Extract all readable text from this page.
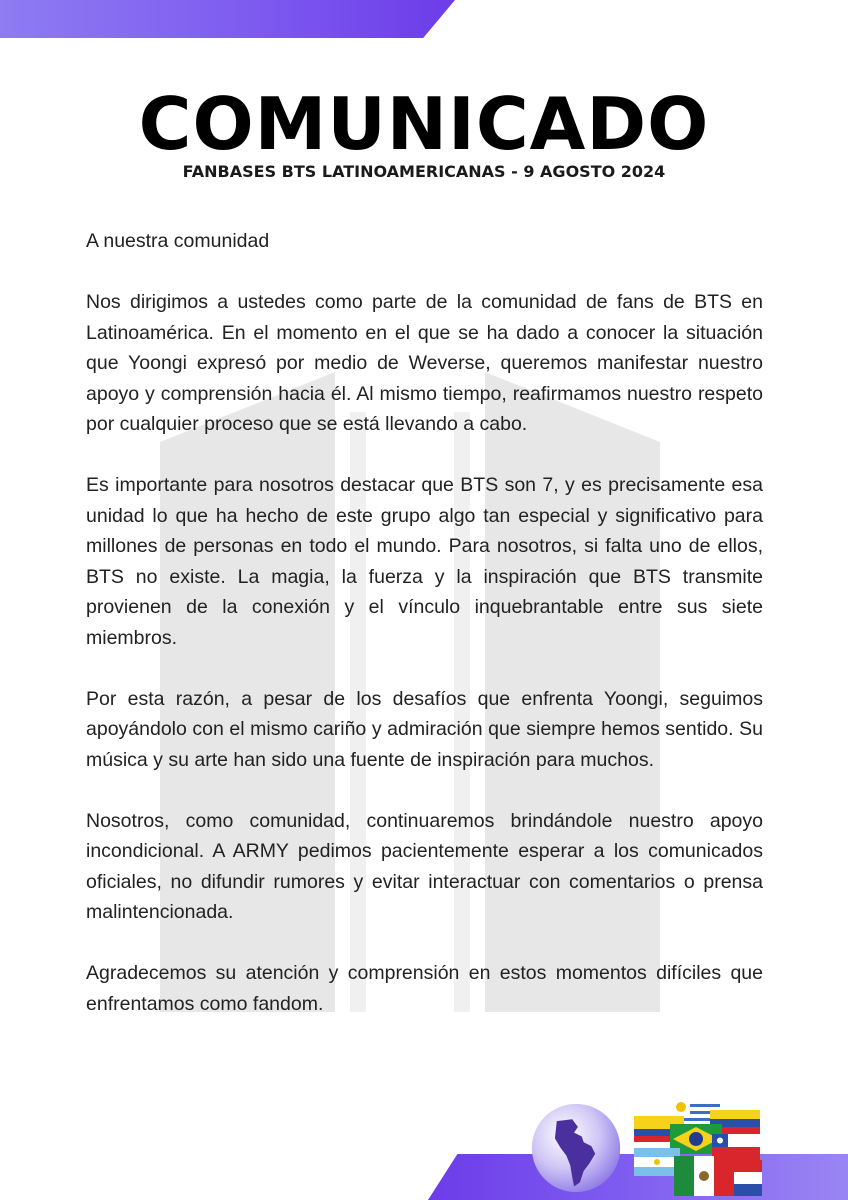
COMUNICADO
FANBASES BTS LATINOAMERICANAS - 9 AGOSTO 2024

A nuestra comunidad

Nos dirigimos a ustedes como parte de la comunidad de fans de BTS en Latinoamérica. En el momento en el que se ha dado a conocer la situación que Yoongi expresó por medio de Weverse, queremos manifestar nuestro apoyo y comprensión hacia él. Al mismo tiempo, reafirmamos nuestro respeto por cualquier proceso que se está llevando a cabo.

Es importante para nosotros destacar que BTS son 7, y es precisamente esa unidad lo que ha hecho de este grupo algo tan especial y significativo para millones de personas en todo el mundo. Para nosotros, si falta uno de ellos, BTS no existe. La magia, la fuerza y la inspiración que BTS transmite provienen de la conexión y el vínculo inquebrantable entre sus siete miembros.

Por esta razón, a pesar de los desafíos que enfrenta Yoongi, seguimos apoyándolo con el mismo cariño y admiración que siempre hemos sentido. Su música y su arte han sido una fuente de inspiración para muchos.

Nosotros, como comunidad, continuaremos brindándole nuestro apoyo incondicional. A ARMY pedimos pacientemente esperar a los comunicados oficiales, no difundir rumores y evitar interactuar con comentarios o prensa malintencionada.

Agradecemos su atención y comprensión en estos momentos difíciles que enfrentamos como fandom.
